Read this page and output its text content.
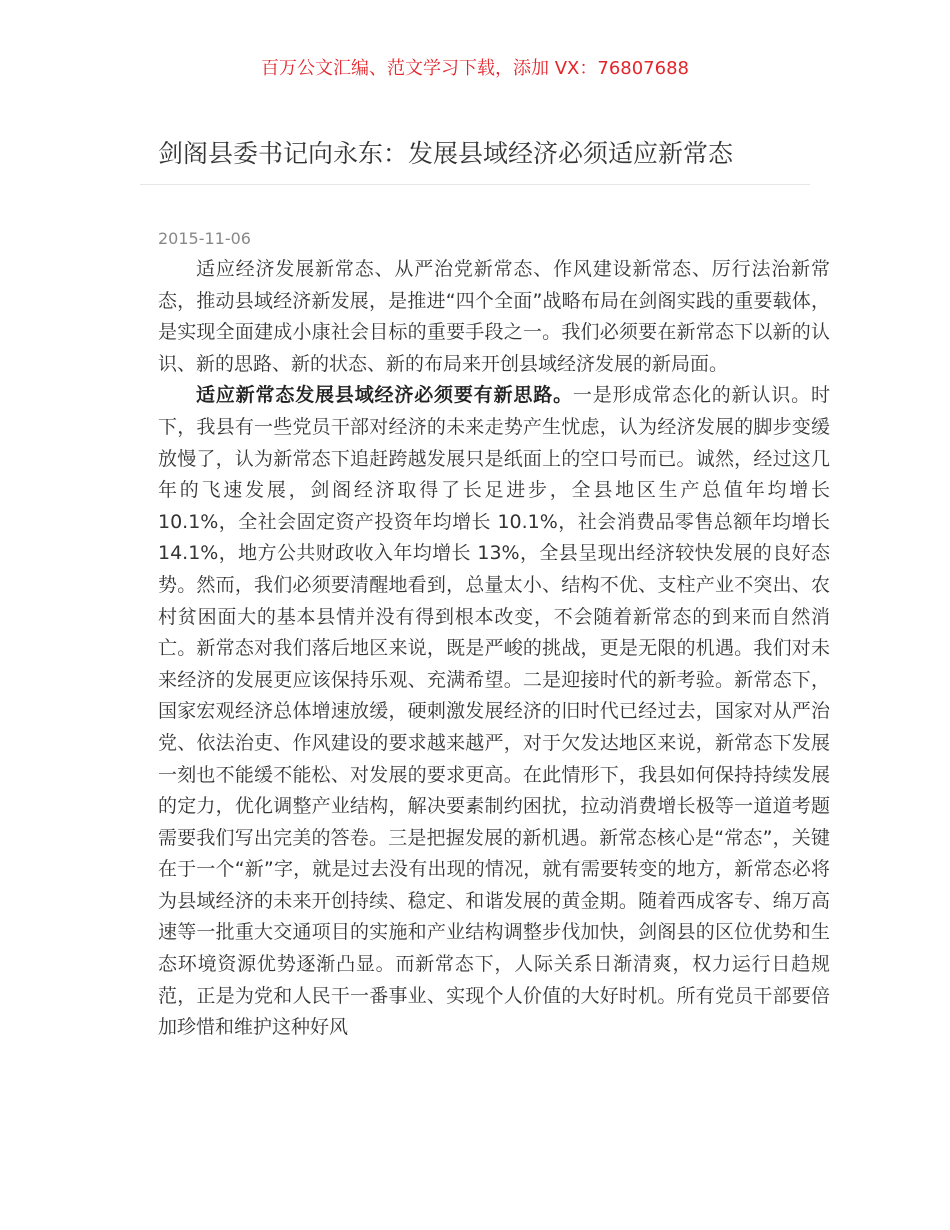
百万公文汇编、范文学习下载，添加 VX：76807688
剑阁县委书记向永东：发展县域经济必须适应新常态
2015-11-06

适应经济发展新常态、从严治党新常态、作风建设新常态、厉行法治新常态，推动县域经济新发展，是推进“四个全面”战略布局在剑阁实践的重要载体，是实现全面建成小康社会目标的重要手段之一。我们必须要在新常态下以新的认识、新的思路、新的状态、新的布局来开创县域经济发展的新局面。

适应新常态发展县域经济必须要有新思路。一是形成常态化的新认识。时下，我县有一些党员干部对经济的未来走势产生忧虑，认为经济发展的脚步变缓放慢了，认为新常态下追赶跨越发展只是纸面上的空口号而已。诚然，经过这几年的飞速发展，剑阁经济取得了长足进步，全县地区生产总值年均增长 10.1%，全社会固定资产投资年均增长 10.1%，社会消费品零售总额年均增长 14.1%，地方公共财政收入年均增长 13%，全县呈现出经济较快发展的良好态势。然而，我们必须要清醒地看到，总量太小、结构不优、支柱产业不突出、农村贫困面大的基本县情并没有得到根本改变，不会随着新常态的到来而自然消亡。新常态对我们落后地区来说，既是严峻的挑战，更是无限的机遇。我们对未来经济的发展更应该保持乐观、充满希望。二是迎接时代的新考验。新常态下，国家宏观经济总体增速放缓，硬刺激发展经济的旧时代已经过去，国家对从严治党、依法治吏、作风建设的要求越来越严，对于欠发达地区来说，新常态下发展一刻也不能缓不能松、对发展的要求更高。在此情形下，我县如何保持持续发展的定力，优化调整产业结构，解决要素制约困扰，拉动消费增长极等一道道考题需要我们写出完美的答卷。三是把握发展的新机遇。新常态核心是“常态”，关键在于一个“新”字，就是过去没有出现的情况，就有需要转变的地方，新常态必将为县域经济的未来开创持续、稳定、和谐发展的黄金期。随着西成客专、绵万高速等一批重大交通项目的实施和产业结构调整步伐加快，剑阁县的区位优势和生态环境资源优势逐渐凸显。而新常态下，人际关系日渐清爽，权力运行日趋规范，正是为党和人民干一番事业、实现个人价值的大好时机。所有党员干部要倍加珍惜和维护这种好风
